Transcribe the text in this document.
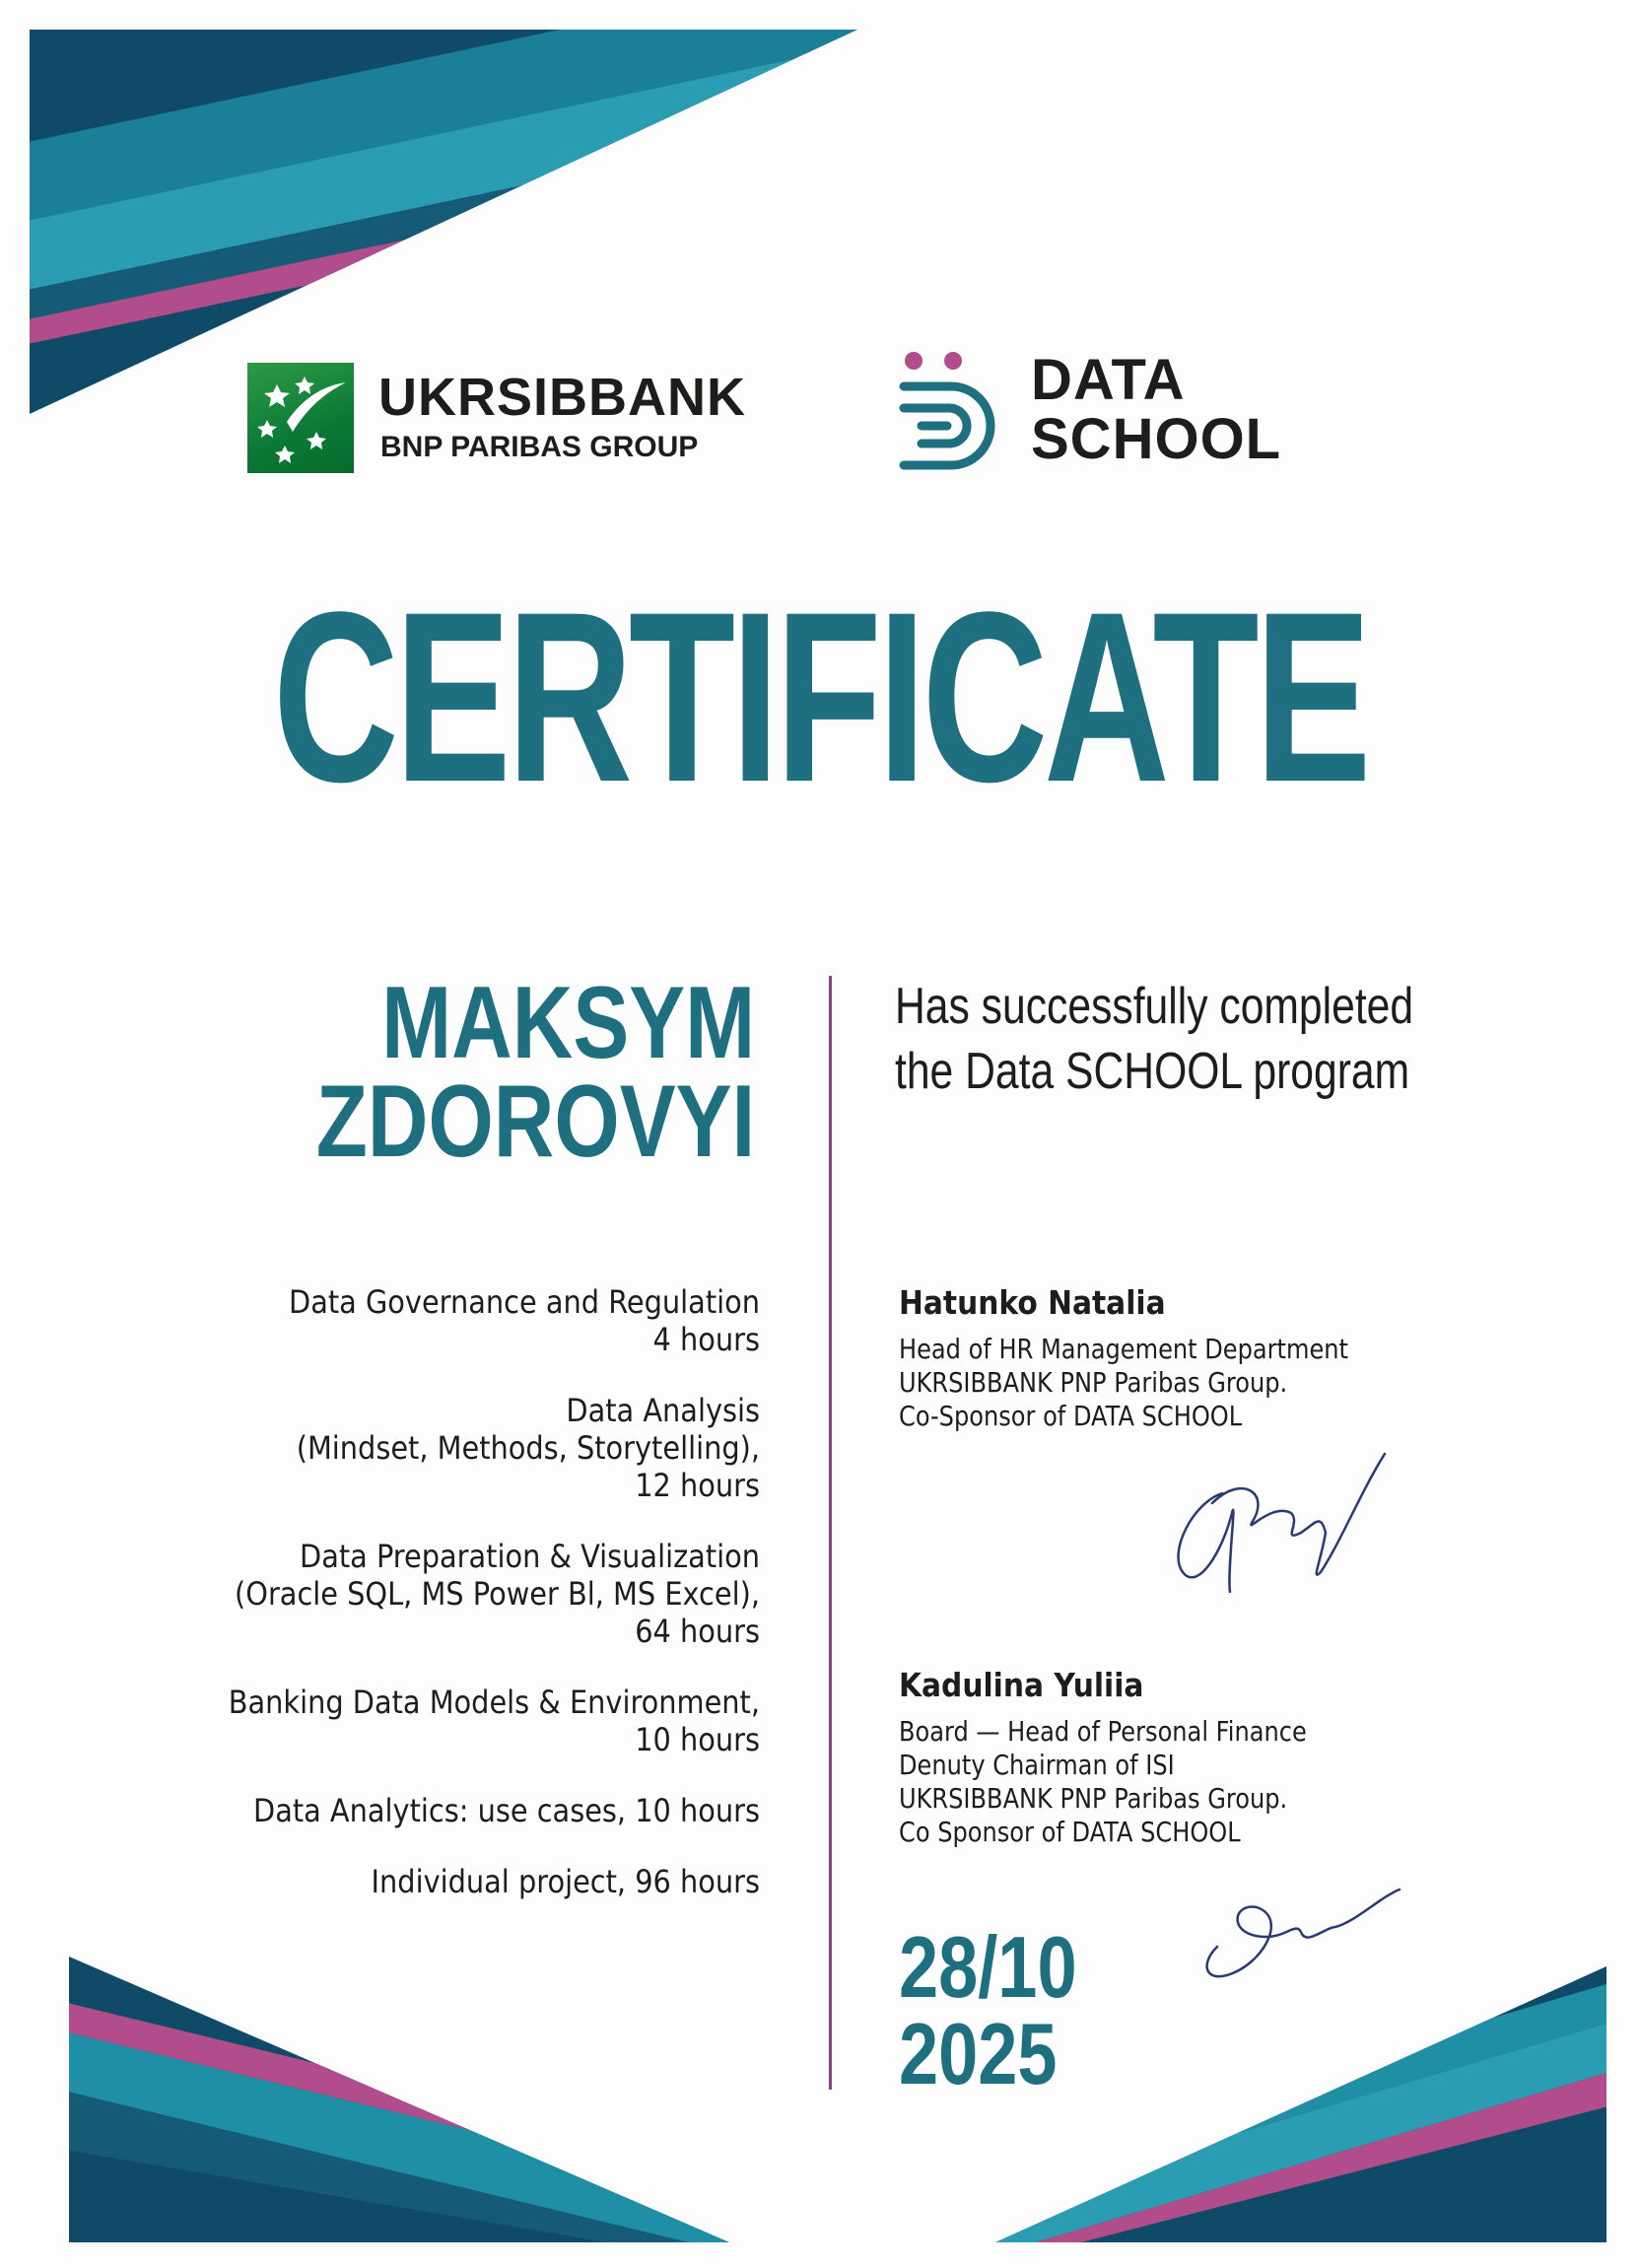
UKRSIBBANK
BNP PARIBAS GROUP
DATA
SCHOOL
CERTIFICATE
MAKSYM
ZDOROVYI
Has successfully completed
the Data SCHOOL program
Data Governance and Regulation
4 hours
Data Analysis
(Mindset, Methods, Storytelling),
12 hours
Data Preparation & Visualization
(Oracle SQL, MS Power Bl, MS Excel),
64 hours
Banking Data Models & Environment,
10 hours
Data Analytics: use cases, 10 hours
Individual project, 96 hours
Hatunko Natalia
Head of HR Management Department
UKRSIBBANK PNP Paribas Group.
Co-Sponsor of DATA SCHOOL
Kadulina Yuliia
Board — Head of Personal Finance
Denuty Chairman of ISI
UKRSIBBANK PNP Paribas Group.
Co Sponsor of DATA SCHOOL
28/10
2025
